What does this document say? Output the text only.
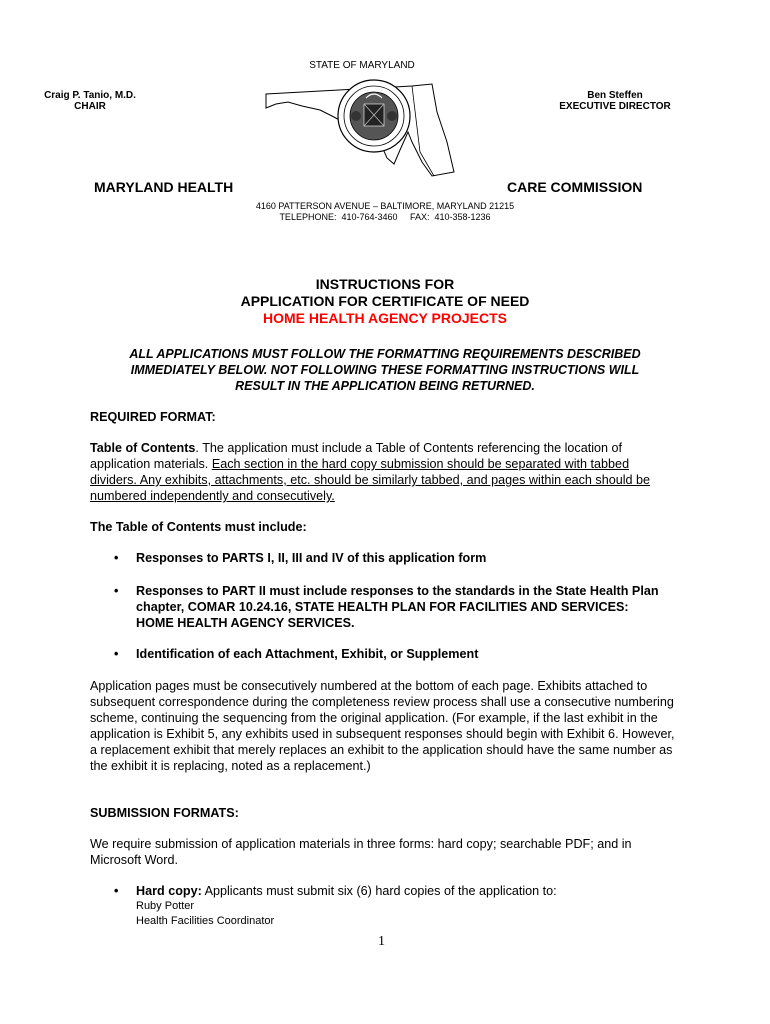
Craig P. Tanio, M.D.
CHAIR
Ben Steffen
EXECUTIVE DIRECTOR
STATE OF MARYLAND
MARYLAND HEALTH	CARE COMMISSION
4160 PATTERSON AVENUE – BALTIMORE, MARYLAND 21215
TELEPHONE:  410-764-3460     FAX:  410-358-1236
INSTRUCTIONS FOR
APPLICATION FOR CERTIFICATE OF NEED
HOME HEALTH AGENCY PROJECTS
ALL APPLICATIONS MUST FOLLOW THE FORMATTING REQUIREMENTS DESCRIBED
IMMEDIATELY BELOW. NOT FOLLOWING THESE FORMATTING INSTRUCTIONS WILL
RESULT IN THE APPLICATION BEING RETURNED.
REQUIRED FORMAT:
Table of Contents. The application must include a Table of Contents referencing the location of application materials. Each section in the hard copy submission should be separated with tabbed dividers. Any exhibits, attachments, etc. should be similarly tabbed, and pages within each should be numbered independently and consecutively.
The Table of Contents must include:
• Responses to PARTS I, II, III and IV of this application form
• Responses to PART II must include responses to the standards in the State Health Plan chapter, COMAR 10.24.16, STATE HEALTH PLAN FOR FACILITIES AND SERVICES: HOME HEALTH AGENCY SERVICES.
• Identification of each Attachment, Exhibit, or Supplement
Application pages must be consecutively numbered at the bottom of each page. Exhibits attached to subsequent correspondence during the completeness review process shall use a consecutive numbering scheme, continuing the sequencing from the original application. (For example, if the last exhibit in the application is Exhibit 5, any exhibits used in subsequent responses should begin with Exhibit 6. However, a replacement exhibit that merely replaces an exhibit to the application should have the same number as the exhibit it is replacing, noted as a replacement.)
SUBMISSION FORMATS:
We require submission of application materials in three forms: hard copy; searchable PDF; and in Microsoft Word.
• Hard copy: Applicants must submit six (6) hard copies of the application to:
Ruby Potter
Health Facilities Coordinator
1
